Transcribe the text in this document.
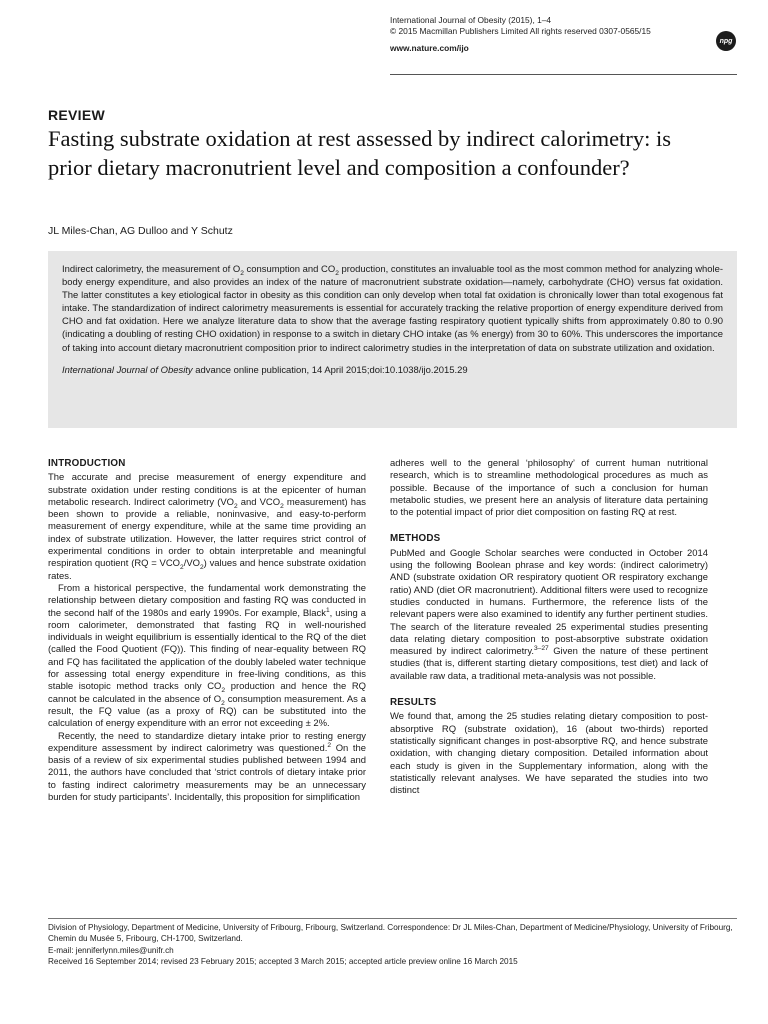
International Journal of Obesity (2015), 1–4
© 2015 Macmillan Publishers Limited All rights reserved 0307-0565/15
www.nature.com/ijo
npg
REVIEW
Fasting substrate oxidation at rest assessed by indirect calorimetry: is prior dietary macronutrient level and composition a confounder?
JL Miles-Chan, AG Dulloo and Y Schutz

Indirect calorimetry, the measurement of $O_2$ consumption and $CO_2$ production, constitutes an invaluable tool as the most common method for analyzing whole-body energy expenditure, and also provides an index of the nature of macronutrient substrate oxidation—namely, carbohydrate (CHO) versus fat oxidation. The latter constitutes a key etiological factor in obesity as this condition can only develop when total fat oxidation is chronically lower than total exogenous fat intake. The standardization of indirect calorimetry measurements is essential for accurately tracking the relative proportion of energy expenditure derived from CHO and fat oxidation. Here we analyze literature data to show that the average fasting respiratory quotient typically shifts from approximately 0.80 to 0.90 (indicating a doubling of resting CHO oxidation) in response to a switch in dietary CHO intake (as % energy) from 30 to 60%. This underscores the importance of taking into account dietary macronutrient composition prior to indirect calorimetry studies in the interpretation of data on substrate utilization and oxidation.

International Journal of Obesity advance online publication, 14 April 2015;doi:10.1038/ijo.2015.29

INTRODUCTION

The accurate and precise measurement of energy expenditure and substrate oxidation under resting conditions is at the epicenter of human metabolic research. Indirect calorimetry ($VO_2$ and $VCO_2$ measurement) has been shown to provide a reliable, noninvasive, and easy-to-perform measurement of energy expenditure, while at the same time providing an index of substrate utilization. However, the latter requires strict control of experimental conditions in order to obtain interpretable and meaningful respiration quotient $(RQ = VCO_2/VO_2)$ values and hence substrate oxidation rates.

From a historical perspective, the fundamental work demonstrating the relationship between dietary composition and fasting RQ was conducted in the second half of the 1980s and early 1990s. For example, Black$^1$, using a room calorimeter, demonstrated that fasting RQ in well-nourished individuals in weight equilibrium is essentially identical to the RQ of the diet (called the Food Quotient (FQ)). This finding of near-equality between RQ and FQ has facilitated the application of the doubly labeled water technique for assessing total energy expenditure in free-living conditions, as this stable isotopic method tracks only $CO_2$ production and hence the RQ cannot be calculated in the absence of $O_2$ consumption measurement. As a result, the FQ value (as a proxy of RQ) can be substituted into the calculation of energy expenditure with an error not exceeding ± 2%.

Recently, the need to standardize dietary intake prior to resting energy expenditure assessment by indirect calorimetry was questioned.$^2$ On the basis of a review of six experimental studies published between 1994 and 2011, the authors have concluded that ‘strict controls of dietary intake prior to fasting indirect calorimetry measurements may be an unnecessary burden for study participants’. Incidentally, this proposition for simplification

adheres well to the general ‘philosophy’ of current human nutritional research, which is to streamline methodological procedures as much as possible. Because of the importance of such a conclusion for human metabolic studies, we present here an analysis of literature data pertaining to the potential impact of prior diet composition on fasting RQ at rest.

METHODS

PubMed and Google Scholar searches were conducted in October 2014 using the following Boolean phrase and key words: (indirect calorimetry) AND (substrate oxidation OR respiratory quotient OR respiratory exchange ratio) AND (diet OR macronutrient). Additional filters were used to recognize studies conducted in humans. Furthermore, the reference lists of the relevant papers were also examined to identify any further pertinent studies. The search of the literature revealed 25 experimental studies presenting data relating dietary composition to post-absorptive substrate oxidation measured by indirect calorimetry.$^{3-27}$ Given the nature of these pertinent studies (that is, different starting dietary compositions, test diet) and lack of available raw data, a traditional meta-analysis was not possible.

RESULTS

We found that, among the 25 studies relating dietary composition to post-absorptive RQ (substrate oxidation), 16 (about two-thirds) reported statistically significant changes in post-absorptive RQ, and hence substrate oxidation, with changing dietary composition. Detailed information about each study is given in the Supplementary information, along with the statistically relevant analyses. We have separated the studies into two distinct

Division of Physiology, Department of Medicine, University of Fribourg, Fribourg, Switzerland. Correspondence: Dr JL Miles-Chan, Department of Medicine/Physiology, University of Fribourg, Chemin du Musée 5, Fribourg, CH-1700, Switzerland.

E-mail: jenniferlynn.miles@unifr.ch

Received 16 September 2014; revised 23 February 2015; accepted 3 March 2015; accepted article preview online 16 March 2015
